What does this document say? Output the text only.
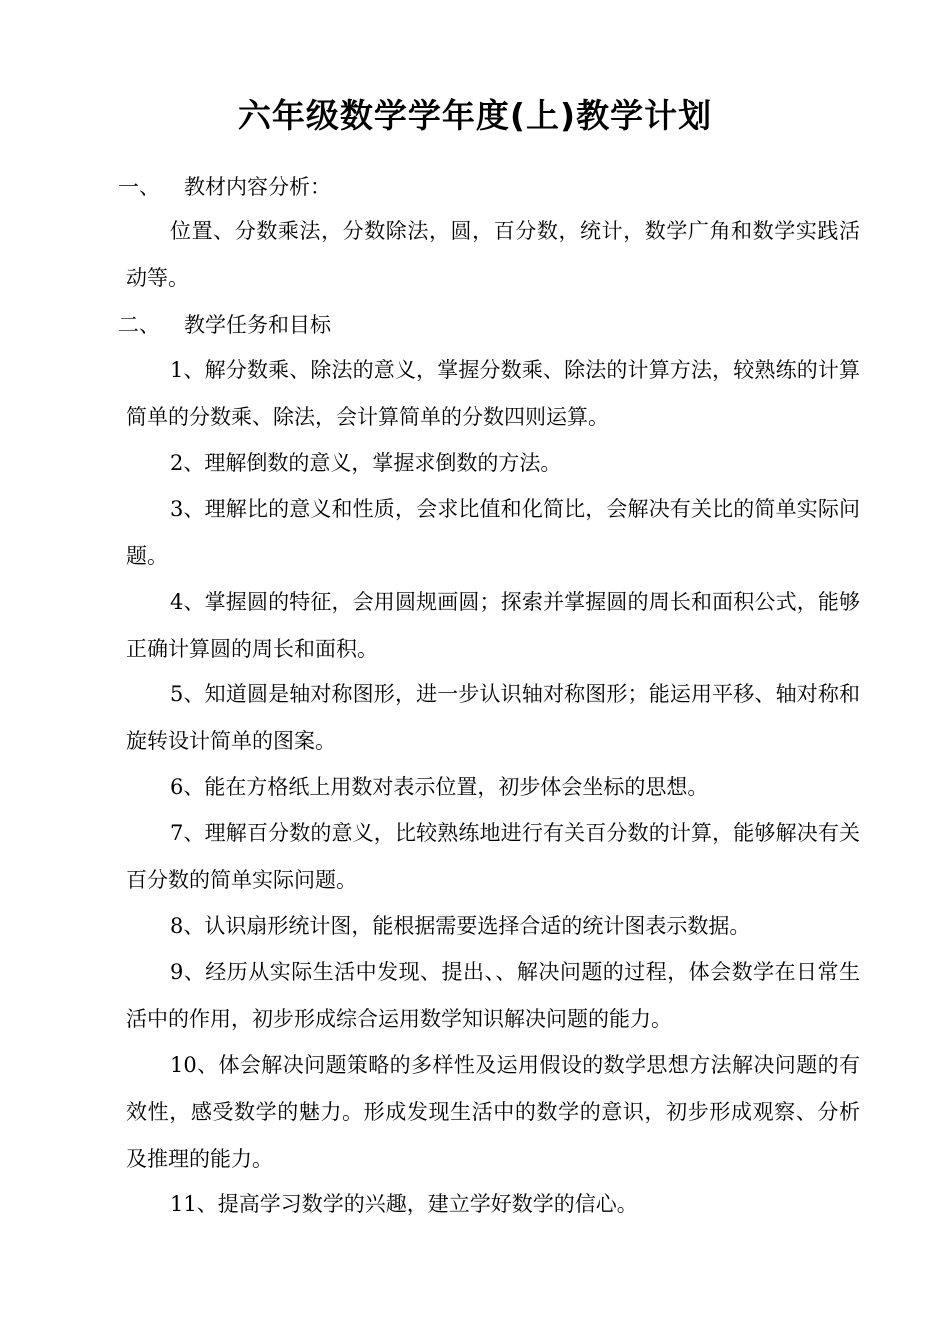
六年级数学学年度(上)教学计划
一、 教材内容分析：
位置、分数乘法，分数除法，圆，百分数，统计，数学广角和数学实践活动等。
二、 教学任务和目标
1、解分数乘、除法的意义，掌握分数乘、除法的计算方法，较熟练的计算简单的分数乘、除法，会计算简单的分数四则运算。
2、理解倒数的意义，掌握求倒数的方法。
3、理解比的意义和性质，会求比值和化简比，会解决有关比的简单实际问题。
4、掌握圆的特征，会用圆规画圆；探索并掌握圆的周长和面积公式，能够正确计算圆的周长和面积。
5、知道圆是轴对称图形，进一步认识轴对称图形；能运用平移、轴对称和旋转设计简单的图案。
6、能在方格纸上用数对表示位置，初步体会坐标的思想。
7、理解百分数的意义，比较熟练地进行有关百分数的计算，能够解决有关百分数的简单实际问题。
8、认识扇形统计图，能根据需要选择合适的统计图表示数据。
9、经历从实际生活中发现、提出、、解决问题的过程，体会数学在日常生活中的作用，初步形成综合运用数学知识解决问题的能力。
10、体会解决问题策略的多样性及运用假设的数学思想方法解决问题的有效性，感受数学的魅力。形成发现生活中的数学的意识，初步形成观察、分析及推理的能力。
11、提高学习数学的兴趣，建立学好数学的信心。
